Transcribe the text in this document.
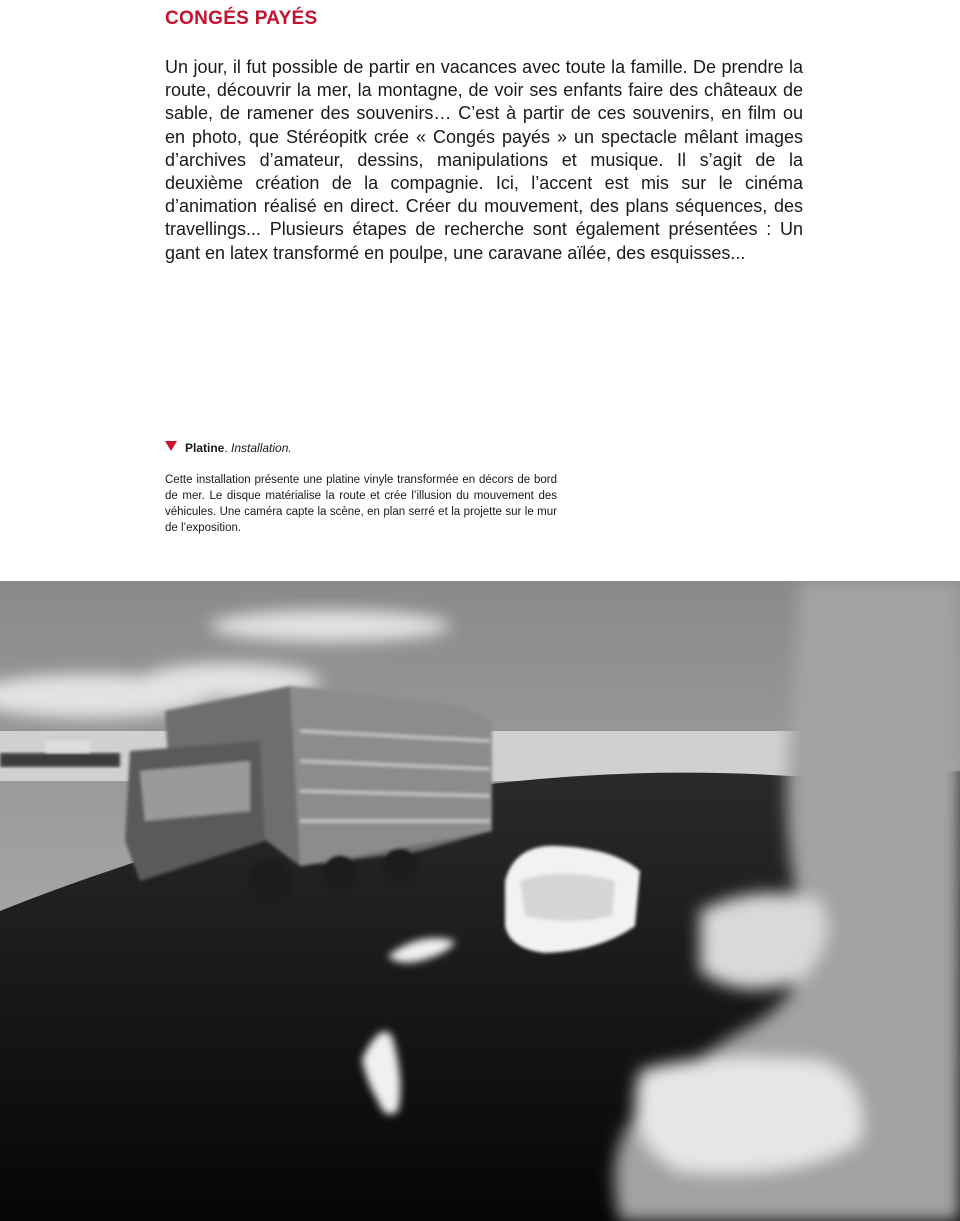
CONGÉS PAYÉS

Un jour, il fut possible de partir en vacances avec toute la famille. De prendre la route, découvrir la mer, la montagne, de voir ses enfants faire des châteaux de sable, de ramener des souvenirs… C’est à partir de ces souvenirs, en film ou en photo, que Stéréopitk crée « Congés payés » un spectacle mêlant images d’archives d’amateur, dessins, manipulations et musique. Il s’agit de la deuxième création de la compagnie. Ici, l’accent est mis sur le cinéma d’animation réalisé en direct. Créer du mouvement, des plans séquences, des travellings... Plusieurs étapes de recherche sont également présentées : Un gant en latex transformé en poulpe, une caravane aïlée, des esquisses...

Platine. Installation.

Cette installation présente une platine vinyle transformée en décors de bord de mer. Le disque matérialise la route et crée l’illusion du mouvement des véhicules. Une caméra capte la scène, en plan serré et la projette sur le mur de l’exposition.
